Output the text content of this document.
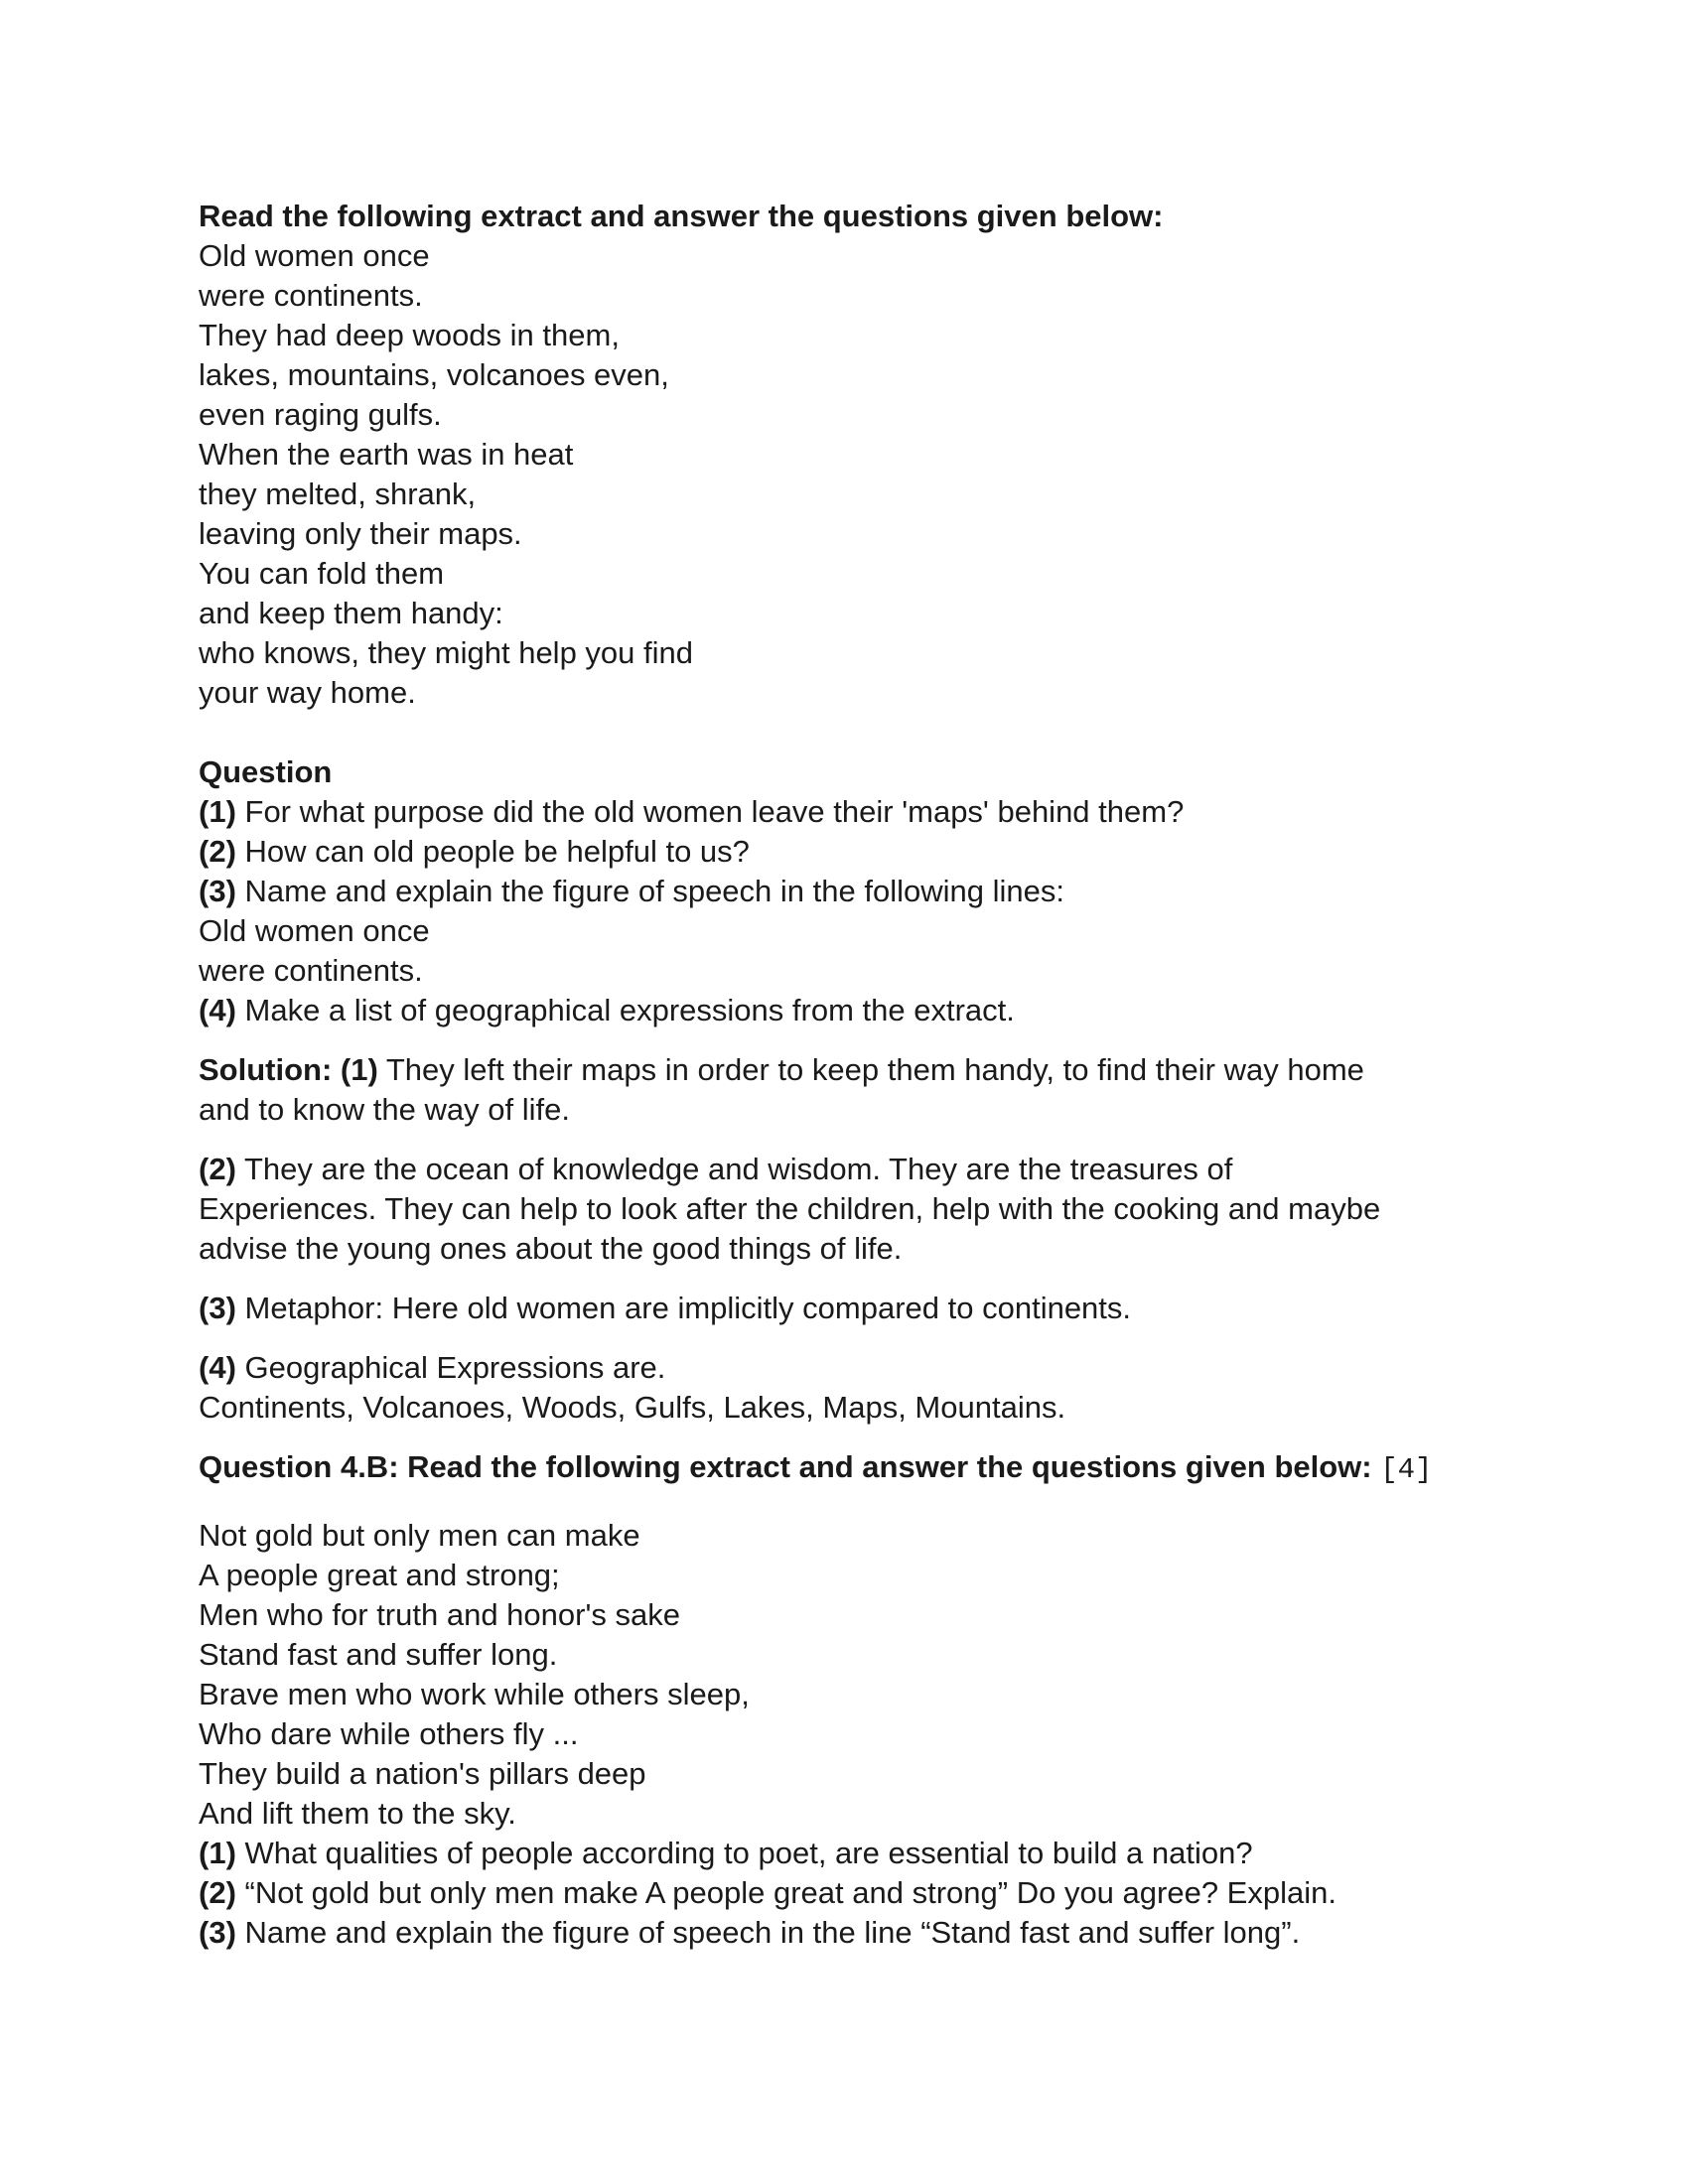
Read the following extract and answer the questions given below:
Old women once
were continents.
They had deep woods in them,
lakes, mountains, volcanoes even,
even raging gulfs.
When the earth was in heat
they melted, shrank,
leaving only their maps.
You can fold them
and keep them handy:
who knows, they might help you find
your way home.
Question
(1) For what purpose did the old women leave their 'maps' behind them?
(2) How can old people be helpful to us?
(3) Name and explain the figure of speech in the following lines:
Old women once
were continents.
(4) Make a list of geographical expressions from the extract.
Solution: (1) They left their maps in order to keep them handy, to find their way home
and to know the way of life.
(2) They are the ocean of knowledge and wisdom. They are the treasures of
Experiences. They can help to look after the children, help with the cooking and maybe
advise the young ones about the good things of life.
(3) Metaphor: Here old women are implicitly compared to continents.
(4) Geographical Expressions are.
Continents, Volcanoes, Woods, Gulfs, Lakes, Maps, Mountains.
Question 4.B: Read the following extract and answer the questions given below: [4]
Not gold but only men can make
A people great and strong;
Men who for truth and honor's sake
Stand fast and suffer long.
Brave men who work while others sleep,
Who dare while others fly ...
They build a nation's pillars deep
And lift them to the sky.
(1) What qualities of people according to poet, are essential to build a nation?
(2) “Not gold but only men make A people great and strong” Do you agree? Explain.
(3) Name and explain the figure of speech in the line “Stand fast and suffer long”.
